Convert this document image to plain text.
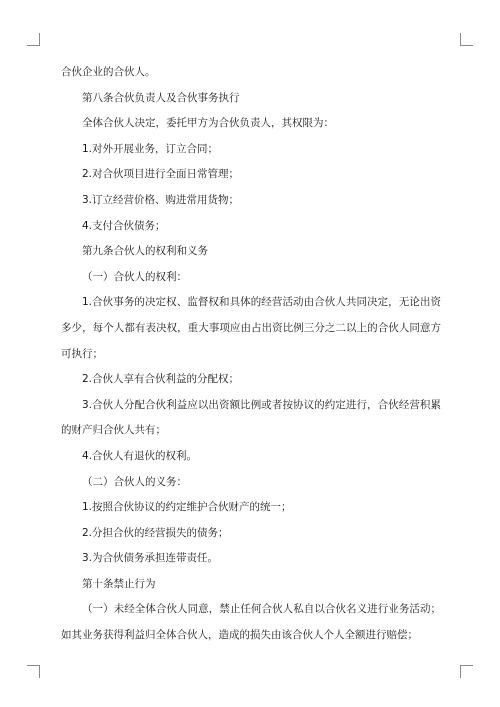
合伙企业的合伙人。

第八条合伙负责人及合伙事务执行

全体合伙人决定，委托甲方为合伙负责人，其权限为：

1.对外开展业务，订立合同；

2.对合伙项目进行全面日常管理；

3.订立经营价格、购进常用货物；

4.支付合伙债务；

第九条合伙人的权利和义务

（一）合伙人的权利：

1.合伙事务的决定权、监督权和具体的经营活动由合伙人共同决定，无论出资多少，每个人都有表决权，重大事项应由占出资比例三分之二以上的合伙人同意方可执行；

2.合伙人享有合伙利益的分配权；

3.合伙人分配合伙利益应以出资额比例或者按协议的约定进行，合伙经营积累的财产归合伙人共有；

4.合伙人有退伙的权利。

（二）合伙人的义务：

1.按照合伙协议的约定维护合伙财产的统一；

2.分担合伙的经营损失的债务；

3.为合伙债务承担连带责任。

第十条禁止行为

（一）未经全体合伙人同意，禁止任何合伙人私自以合伙名义进行业务活动；如其业务获得利益归全体合伙人，造成的损失由该合伙人个人全额进行赔偿；
